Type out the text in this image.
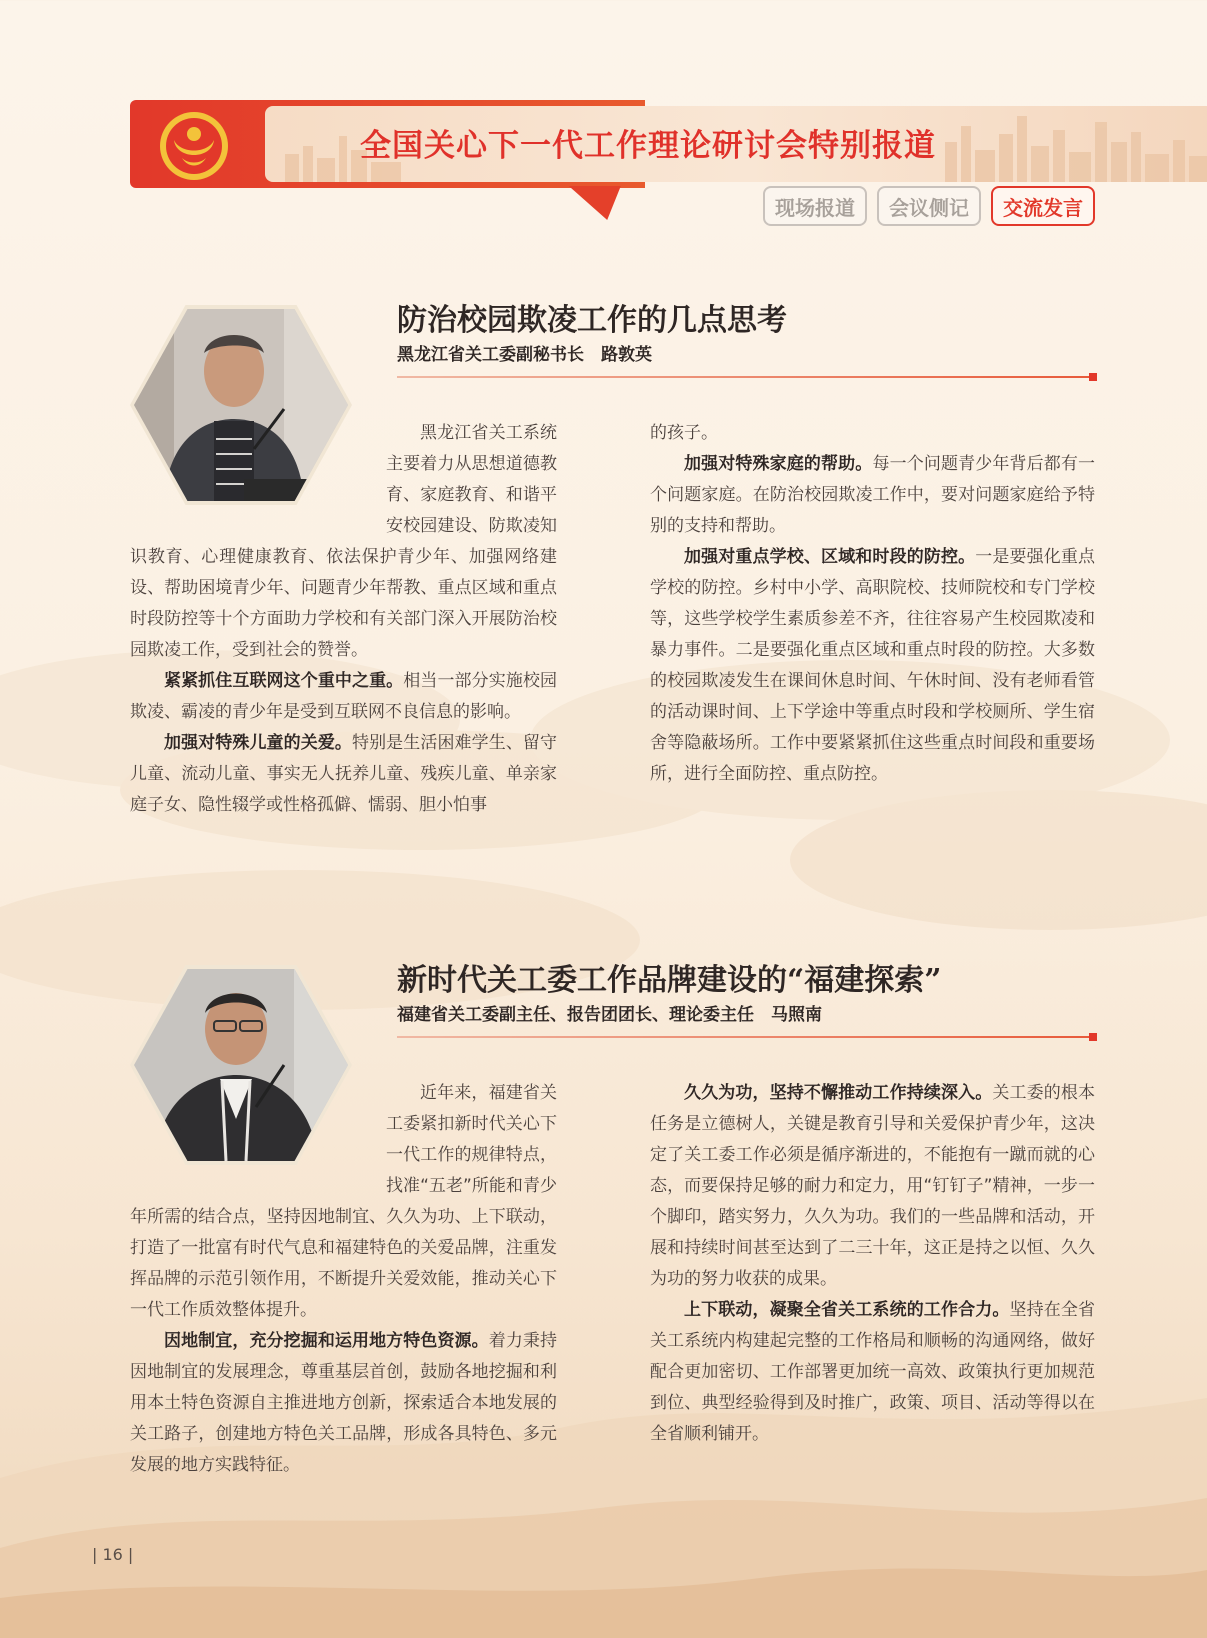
全国关心下一代工作理论研讨会特别报道
现场报道	会议侧记	交流发言
防治校园欺凌工作的几点思考
黑龙江省关工委副秘书长　路敦英

黑龙江省关工系统主要着力从思想道德教育、家庭教育、和谐平安校园建设、防欺凌知识教育、心理健康教育、依法保护青少年、加强网络建设、帮助困境青少年、问题青少年帮教、重点区域和重点时段防控等十个方面助力学校和有关部门深入开展防治校园欺凌工作，受到社会的赞誉。

紧紧抓住互联网这个重中之重。相当一部分实施校园欺凌、霸凌的青少年是受到互联网不良信息的影响。

加强对特殊儿童的关爱。特别是生活困难学生、留守儿童、流动儿童、事实无人抚养儿童、残疾儿童、单亲家庭子女、隐性辍学或性格孤僻、懦弱、胆小怕事

的孩子。

加强对特殊家庭的帮助。每一个问题青少年背后都有一个问题家庭。在防治校园欺凌工作中，要对问题家庭给予特别的支持和帮助。

加强对重点学校、区域和时段的防控。一是要强化重点学校的防控。乡村中小学、高职院校、技师院校和专门学校等，这些学校学生素质参差不齐，往往容易产生校园欺凌和暴力事件。二是要强化重点区域和重点时段的防控。大多数的校园欺凌发生在课间休息时间、午休时间、没有老师看管的活动课时间、上下学途中等重点时段和学校厕所、学生宿舍等隐蔽场所。工作中要紧紧抓住这些重点时间段和重要场所，进行全面防控、重点防控。

新时代关工委工作品牌建设的“福建探索”
福建省关工委副主任、报告团团长、理论委主任　马照南

近年来，福建省关工委紧扣新时代关心下一代工作的规律特点，找准“五老”所能和青少年所需的结合点，坚持因地制宜、久久为功、上下联动，打造了一批富有时代气息和福建特色的关爱品牌，注重发挥品牌的示范引领作用，不断提升关爱效能，推动关心下一代工作质效整体提升。

因地制宜，充分挖掘和运用地方特色资源。着力秉持因地制宜的发展理念，尊重基层首创，鼓励各地挖掘和利用本土特色资源自主推进地方创新，探索适合本地发展的关工路子，创建地方特色关工品牌，形成各具特色、多元发展的地方实践特征。

久久为功，坚持不懈推动工作持续深入。关工委的根本任务是立德树人，关键是教育引导和关爱保护青少年，这决定了关工委工作必须是循序渐进的，不能抱有一蹴而就的心态，而要保持足够的耐力和定力，用“钉钉子”精神，一步一个脚印，踏实努力，久久为功。我们的一些品牌和活动，开展和持续时间甚至达到了二三十年，这正是持之以恒、久久为功的努力收获的成果。

上下联动，凝聚全省关工系统的工作合力。坚持在全省关工系统内构建起完整的工作格局和顺畅的沟通网络，做好配合更加密切、工作部署更加统一高效、政策执行更加规范到位、典型经验得到及时推广，政策、项目、活动等得以在全省顺利铺开。

| 16 |
